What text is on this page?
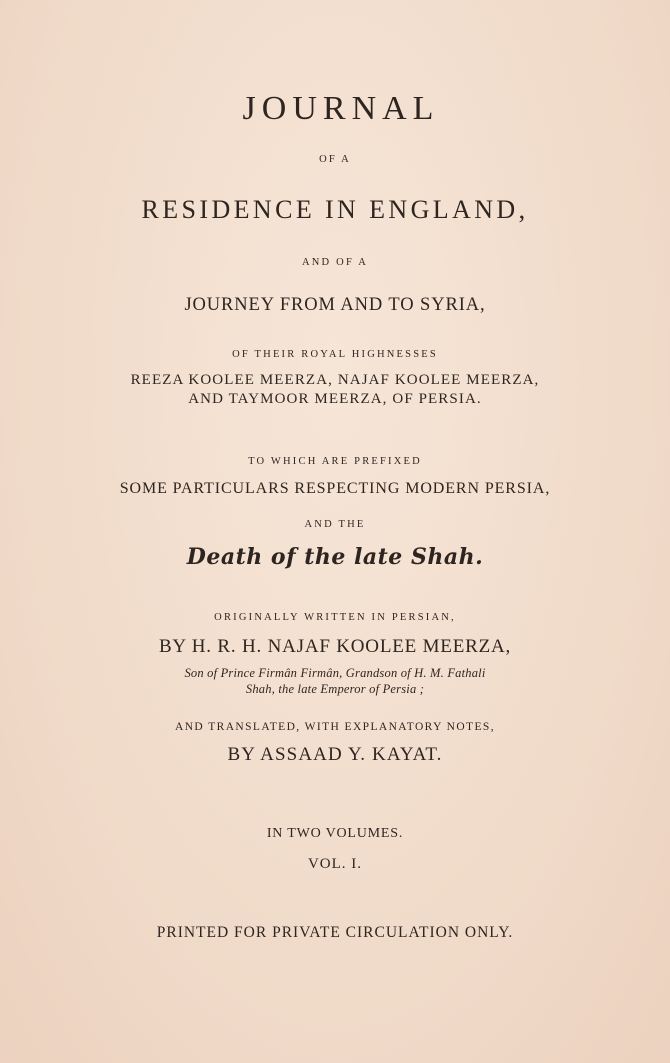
JOURNAL
OF A
RESIDENCE IN ENGLAND,
AND OF A
JOURNEY FROM AND TO SYRIA,
OF THEIR ROYAL HIGHNESSES
REEZA KOOLEE MEERZA, NAJAF KOOLEE MEERZA,
AND TAYMOOR MEERZA, OF PERSIA.
TO WHICH ARE PREFIXED
SOME PARTICULARS RESPECTING MODERN PERSIA,
AND THE
Death of the late Shah.
ORIGINALLY WRITTEN IN PERSIAN,
BY H. R. H. NAJAF KOOLEE MEERZA,
Son of Prince Firmân Firmân, Grandson of H. M. Fathali
Shah, the late Emperor of Persia ;
AND TRANSLATED, WITH EXPLANATORY NOTES,
BY ASSAAD Y. KAYAT.
IN TWO VOLUMES.
VOL. I.
PRINTED FOR PRIVATE CIRCULATION ONLY.
